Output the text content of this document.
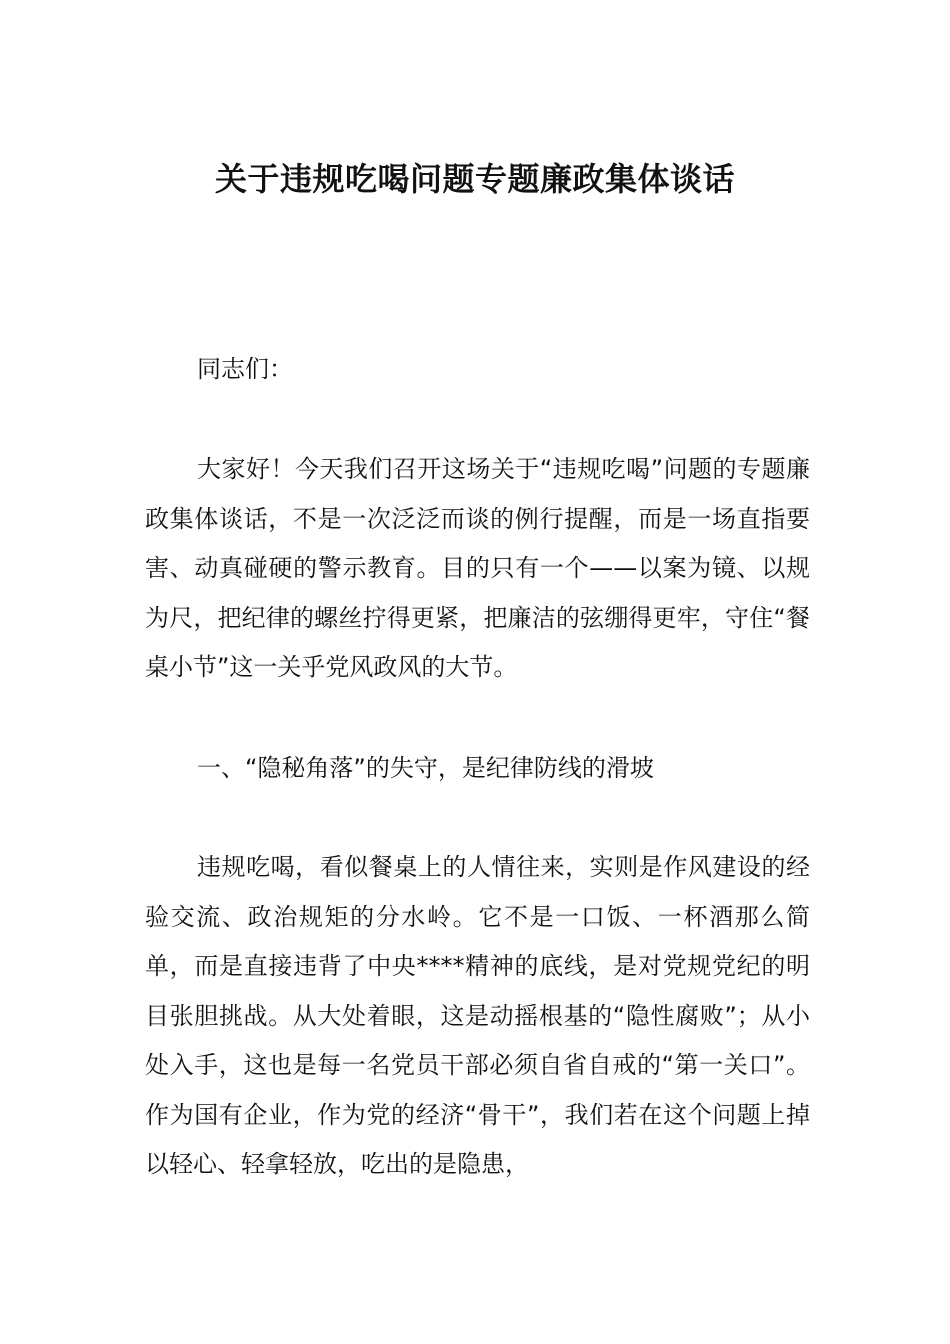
关于违规吃喝问题专题廉政集体谈话

同志们：

大家好！今天我们召开这场关于“违规吃喝”问题的专题廉政集体谈话，不是一次泛泛而谈的例行提醒，而是一场直指要害、动真碰硬的警示教育。目的只有一个——以案为镜、以规为尺，把纪律的螺丝拧得更紧，把廉洁的弦绷得更牢，守住“餐桌小节”这一关乎党风政风的大节。

一、“隐秘角落”的失守，是纪律防线的滑坡

违规吃喝，看似餐桌上的人情往来，实则是作风建设的经验交流、政治规矩的分水岭。它不是一口饭、一杯酒那么简单，而是直接违背了中央****精神的底线，是对党规党纪的明目张胆挑战。从大处着眼，这是动摇根基的“隐性腐败”；从小处入手，这也是每一名党员干部必须自省自戒的“第一关口”。作为国有企业，作为党的经济“骨干”，我们若在这个问题上掉以轻心、轻拿轻放，吃出的是隐患，
